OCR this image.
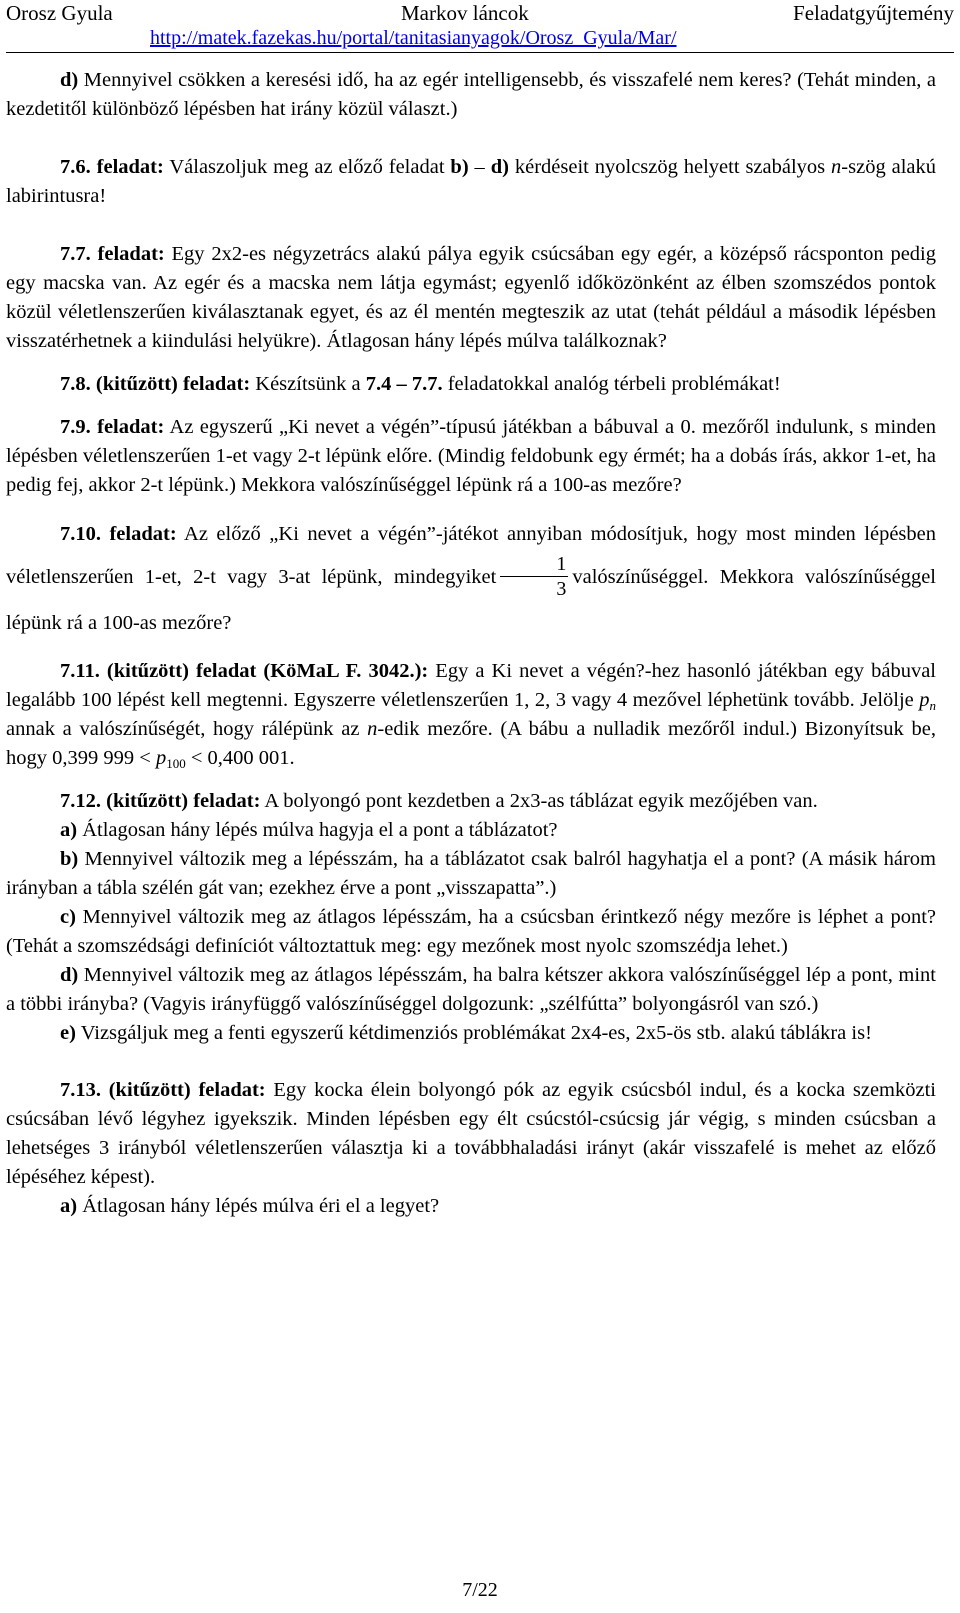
Orosz Gyula	Markov láncok	Feladatgyűjtemény
http://matek.fazekas.hu/portal/tanitasianyagok/Orosz_Gyula/Mar/

d) Mennyivel csökken a keresési idő, ha az egér intelligensebb, és visszafelé nem keres? (Tehát minden, a kezdetitől különböző lépésben hat irány közül választ.)

7.6. feladat: Válaszoljuk meg az előző feladat b) – d) kérdéseit nyolcszög helyett szabályos n-szög alakú labirintusra!

7.7. feladat: Egy 2x2-es négyzetrács alakú pálya egyik csúcsában egy egér, a középső rácsponton pedig egy macska van. Az egér és a macska nem látja egymást; egyenlő időközönként az élben szomszédos pontok közül véletlenszerűen kiválasztanak egyet, és az él mentén megteszik az utat (tehát például a második lépésben visszatérhetnek a kiindulási helyükre). Átlagosan hány lépés múlva találkoznak?

7.8. (kitűzött) feladat: Készítsünk a 7.4 – 7.7. feladatokkal analóg térbeli problémákat!

7.9. feladat: Az egyszerű „Ki nevet a végén”-típusú játékban a bábuval a 0. mezőről indulunk, s minden lépésben véletlenszerűen 1-et vagy 2-t lépünk előre. (Mindig feldobunk egy érmét; ha a dobás írás, akkor 1-et, ha pedig fej, akkor 2-t lépünk.) Mekkora valószínűséggel lépünk rá a 100-as mezőre?

7.10. feladat: Az előző „Ki nevet a végén”-játékot annyiban módosítjuk, hogy most minden lépésben véletlenszerűen 1-et, 2-t vagy 3-at lépünk, mindegyiket $\frac{1}{3}$ valószínűséggel. Mekkora valószínűséggel lépünk rá a 100-as mezőre?

7.11. (kitűzött) feladat (KöMaL F. 3042.): Egy a Ki nevet a végén?-hez hasonló játékban egy bábuval legalább 100 lépést kell megtenni. Egyszerre véletlenszerűen 1, 2, 3 vagy 4 mezővel léphetünk tovább. Jelölje $p_n$ annak a valószínűségét, hogy rálépünk az n-edik mezőre. (A bábu a nulladik mezőről indul.) Bizonyítsuk be, hogy 0,399 $999 < p_{100} < 0,400$ 001.

7.12. (kitűzött) feladat: A bolyongó pont kezdetben a 2x3-as táblázat egyik mezőjében van.

a) Átlagosan hány lépés múlva hagyja el a pont a táblázatot?

b) Mennyivel változik meg a lépésszám, ha a táblázatot csak balról hagyhatja el a pont? (A másik három irányban a tábla szélén gát van; ezekhez érve a pont „visszapatta”.)

c) Mennyivel változik meg az átlagos lépésszám, ha a csúcsban érintkező négy mezőre is léphet a pont? (Tehát a szomszédsági definíciót változtattuk meg: egy mezőnek most nyolc szomszédja lehet.)

d) Mennyivel változik meg az átlagos lépésszám, ha balra kétszer akkora valószínűséggel lép a pont, mint a többi irányba? (Vagyis irányfüggő valószínűséggel dolgozunk: „szélfútta” bolyongásról van szó.)

e) Vizsgáljuk meg a fenti egyszerű kétdimenziós problémákat 2x4-es, 2x5-ös stb. alakú táblákra is!

7.13. (kitűzött) feladat: Egy kocka élein bolyongó pók az egyik csúcsból indul, és a kocka szemközti csúcsában lévő légyhez igyekszik. Minden lépésben egy élt csúcstól-csúcsig jár végig, s minden csúcsban a lehetséges 3 irányból véletlenszerűen választja ki a továbbhaladási irányt (akár visszafelé is mehet az előző lépéséhez képest).

a) Átlagosan hány lépés múlva éri el a legyet?

7/22
